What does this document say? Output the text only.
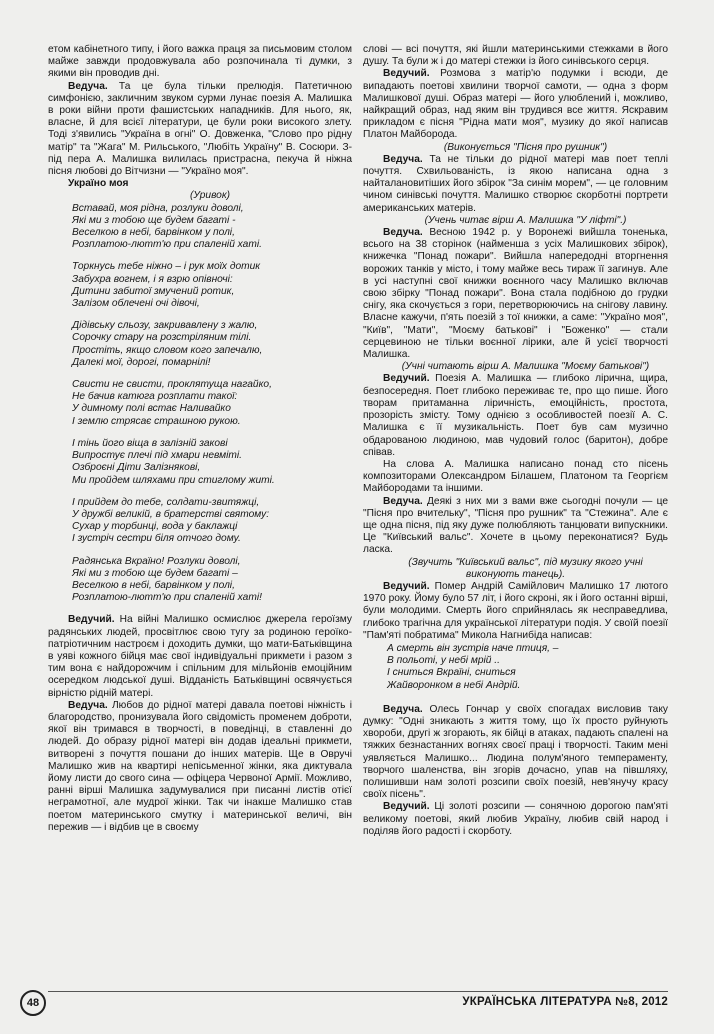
етом кабінетного типу, і його важка праця за письмовим столом майже завжди продовжувала або розпочинала ті думки, з якими він проводив дні.

Ведуча. Та це була тільки прелюдія. Патетичною симфонією, закличним звуком сурми лунає поезія А. Малишка в роки війни проти фашистських нападників. Для нього, як, власне, й для всієї літератури, це були роки високого злету. Тоді з'явились "Україна в огні" О. Довженка, "Слово про рідну матір" та "Жага" М. Рильського, "Любіть Україну" В. Сосюри. З-під пера А. Малишка вилилась пристрасна, пекуча й ніжна пісня любові до Вітчизни — "Україно моя".

Україно моя

(Уривок)

Вставай, моя рідна, розлуки доволі,
Які ми з тобою ще будем багаті -
Веселкою в небі, барвінком у полі,
Розплатою-лютт'ю при спаленій хаті.
Торкнусь тебе ніжно – і рук моїх дотик
Забухра вогнем, і я взрю опівночі:
Дитини забитої змучений ротик,
Залізом облечені очі дівочі,
Дідівську сльозу, закривавлену з жалю,
Сорочку стару на розстріляним тілі.
Простіть, якщо словом кого запечалю,
Далекі мої, дорогі, помарнілі!
Свисти не свисти, проклятуща нагайко,
Не бачив катюга розплати такої:
У димному полі встає Наливайко
І землю стрясає страшною рукою.
І тінь його віща в залізній закові
Випростує плечі під хмари невміті.
Озброєні Діти Залізнякові,
Ми пройдем шляхами при стиглому житі.
І прийдем до тебе, солдати-звитяжці,
У дружбі великій, в братерстві святому:
Сухар у торбинці, вода у баклажці
І зустріч сестри біля отчого дому.
Радянська Вкраїно! Розлуки доволі,
Які ми з тобою ще будем багаті –
Веселкою в небі, барвінком у полі,
Розплатою-лютт'ю при спаленій хаті!

Ведучий. На війні Малишко осмислює джерела героїзму радянських людей, просвітлює свою тугу за родиною героїко-патріотичним настроєм і доходить думки, що мати-Батьківщина в уяві кожного бійця має свої індивідуальні прикмети і разом з тим вона є найдорожчим і спільним для мільйонів емоційним осередком людської душі. Відданість Батьківщині освячується вірністю рідній матері.

Ведуча. Любов до рідної матері давала поетові ніжність і благородство, пронизувала його свідомість променем доброти, якої він тримався в творчості, в поведінці, в ставленні до людей. До образу рідної матері він додав ідеальні прикмети, витворені з почуття пошани до інших матерів. Ще в Овручі Малишко жив на квартирі непісьменної жінки, яка диктувала йому листи до свого сина — офіцера Червоної Армії. Можливо, ранні вірші Малишка задумувалися при писанні листів отієї неграмотної, але мудрої жінки. Так чи інакше Малишко став поетом материнського смутку і материнської величі, він пережив — і відбив це в своєму

слові — всі почуття, які йшли материнськими стежками в його душу. Та були ж і до матері стежки із його синівського серця.

Ведучий. Розмова з матір'ю подумки і всюди, де випадають поетові хвилини творчої самоти, — одна з форм Малишкової душі. Образ матері — його улюблений і, можливо, найкращий образ, над яким він трудився все життя. Яскравим прикладом є пісня "Рідна мати моя", музику до якої написав Платон Майборода.

(Виконується "Пісня про рушник")

Ведуча. Та не тільки до рідної матері мав поет теплі почуття. Схвильованість, із якою написана одна з найталановитіших його збірок "За синім морем", — це головним чином синівські почуття. Малишко створює скорботні портрети американських матерів.

(Учень читає вірш А. Малишка "У ліфті".)

Ведуча. Весною 1942 р. у Воронежі вийшла тоненька, всього на 38 сторінок (найменша з усіх Малишкових збірок), книжечка "Понад пожари". Вийшла напередодні вторгнення ворожих танків у місто, і тому майже весь тираж її загинув. Але в усі наступні свої книжки воєнного часу Малишко включав свою збірку "Понад пожари". Вона стала подібною до грудки снігу, яка скочується з гори, перетворюючись на снігову лавину. Власне кажучи, п'ять поезій з тої книжки, а саме: "Україно моя", "Київ", "Мати", "Моєму батькові" і "Боженко" — стали серцевиною не тільки воєнної лірики, але й усієї творчості Малишка.

(Учні читають вірш А. Малишка "Моєму батькові")

Ведучий. Поезія А. Малишка — глибоко лірична, щира, безпосередня. Поет глибоко переживає те, про що пише. Його творам притаманна ліричність, емоційність, простота, прозорість змісту. Тому однією з особливостей поезії А. С. Малишка є її музикальність. Поет був сам музично обдарованою людиною, мав чудовий голос (баритон), добре співав.

На слова А. Малишка написано понад сто пісень композиторами Олександром Білашем, Платоном та Георгієм Майбородами та іншими.

Ведуча. Деякі з них ми з вами вже сьогодні почули — це "Пісня про вчительку", "Пісня про рушник" та "Стежина". Але є ще одна пісня, під яку дуже полюбляють танцювати випускники. Це "Київський вальс". Хочете в цьому переконатися? Будь ласка.

(Звучить "Київський вальс", під музику якого учні виконують танець).

Ведучий. Помер Андрій Самійлович Малишко 17 лютого 1970 року. Йому було 57 літ, і його скроні, як і його останні вірші, були молодими. Смерть його сприйнялась як несправедлива, глибоко трагічна для української літератури подія. У своїй поезії "Пам'яті побратима" Микола Нагнибіда написав:

А смерть він зустрів наче птиця, –
В польоті, у небі мрій ..
І сниться Вкраїні, сниться
Жайворонком в небі Андрій.

Ведуча. Олесь Гончар у своїх спогадах висловив таку думку: "Одні зникають з життя тому, що їх просто руйнують хвороби, другі ж згорають, як бійці в атаках, падають спалені на тяжких безнастанних вогнях своєї праці і творчості. Таким мені уявляється Малишко... Людина полум'яного темпераменту, творчого шаленства, він згорів дочасно, упав на півшляху, полишивши нам золоті розсипи своїх поезій, нев'янучу красу своїх пісень".

Ведучий. Ці золоті розсипи — сонячною дорогою пам'яті великому поетові, який любив Україну, любив свій народ і поділяв його радості і скорботу.

48	УКРАЇНСЬКА ЛІТЕРАТУРА №8, 2012
